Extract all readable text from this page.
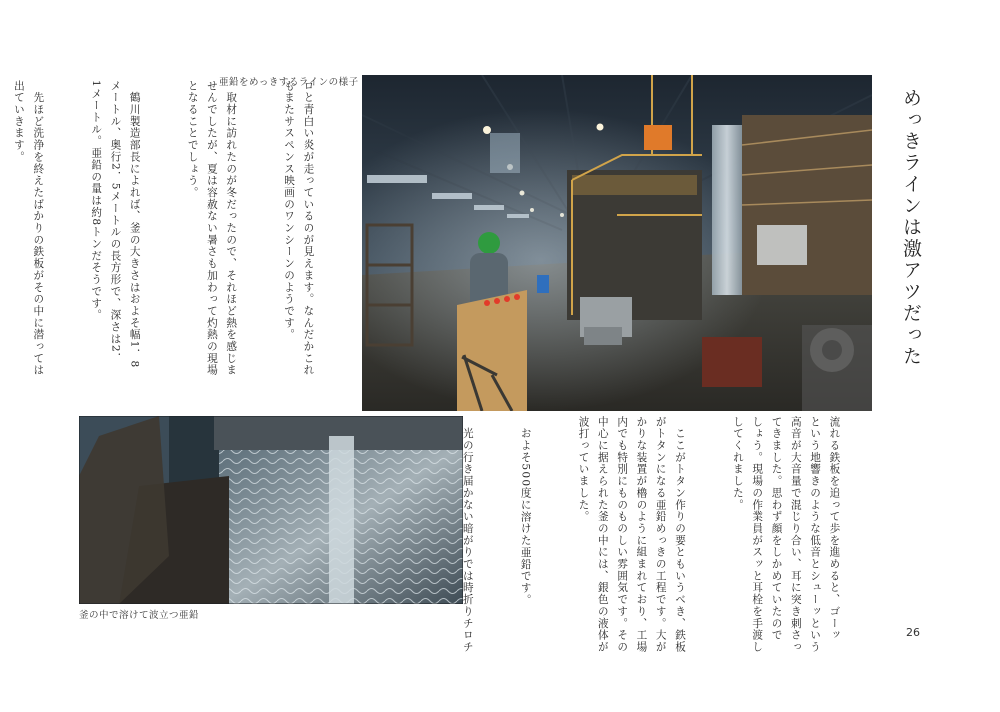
めっきラインは激アツだった
亜鉛をめっきするラインの様子

ロと青白い炎が走っているのが見えます。なんだかこれ
もまたサスペンス映画のワンシーンのようです。

　取材に訪れたのが冬だったので、それほど熱を感じま
せんでしたが、夏は容赦ない暑さも加わって灼熱の現場
となることでしょう。

　鶴川製造部長によれば、釜の大きさはおよそ幅1．8
メートル、奥行2．5メートルの長方形で、深さは2．
1メートル。亜鉛の量は約8トンだそうです。

　先ほど洗浄を終えたばかりの鉄板がその中に潜っては
出ていきます。

釜の中で溶けて波立つ亜鉛

	流れる鉄板を追って歩を進めると、ゴーッ
という地響きのような低音とシューッという
高音が大音量で混じり合い、耳に突き刺さっ
てきました。思わず顔をしかめていたので
しょう。現場の作業員がスッと耳栓を手渡し
してくれました。

　ここがトタン作りの要ともいうべき、鉄板
がトタンになる亜鉛めっきの工程です。大が
かりな装置が櫓のように組まれており、工場
内でも特別にものものしい雰囲気です。その
中心に据えられた釜の中には、銀色の液体が
波打っていました。

　およそ500度に溶けた亜鉛です。

　光の行き届かない暗がりでは時折りチロチ	26
